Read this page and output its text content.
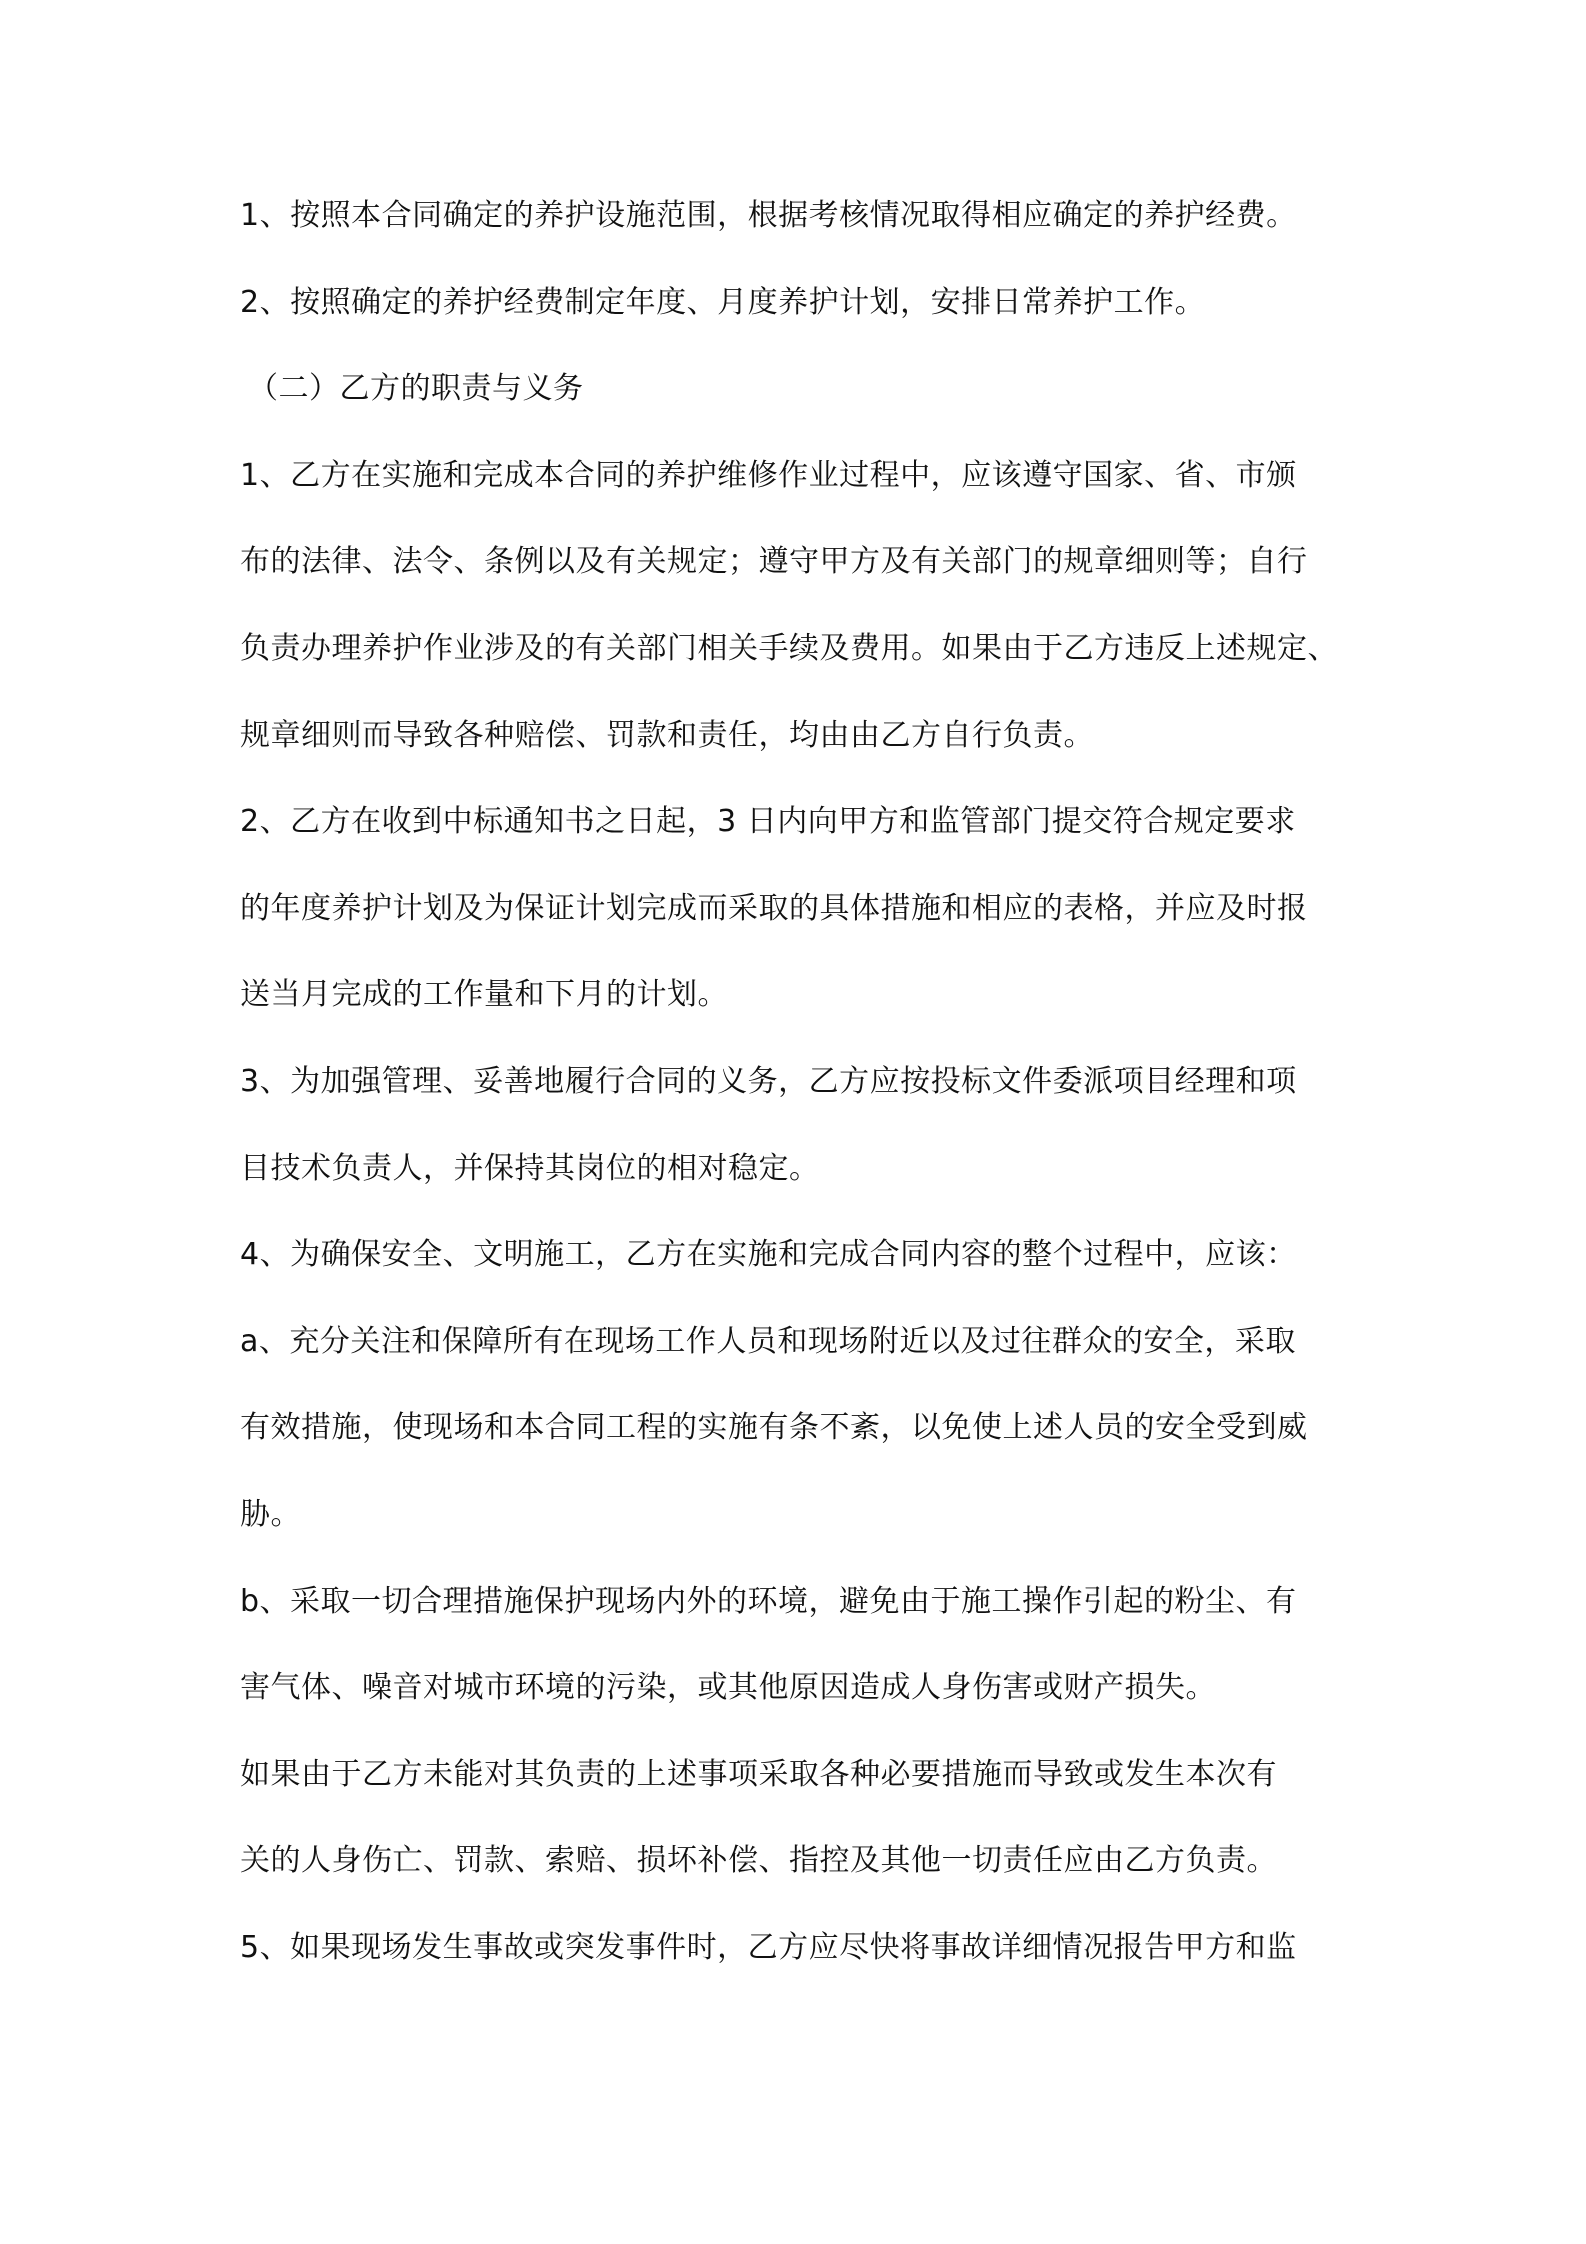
1、按照本合同确定的养护设施范围，根据考核情况取得相应确定的养护经费。
2、按照确定的养护经费制定年度、月度养护计划，安排日常养护工作。
（二）乙方的职责与义务
1、乙方在实施和完成本合同的养护维修作业过程中，应该遵守国家、省、市颁
布的法律、法令、条例以及有关规定；遵守甲方及有关部门的规章细则等；自行
负责办理养护作业涉及的有关部门相关手续及费用。如果由于乙方违反上述规定、
规章细则而导致各种赔偿、罚款和责任，均由由乙方自行负责。
2、乙方在收到中标通知书之日起，3 日内向甲方和监管部门提交符合规定要求
的年度养护计划及为保证计划完成而采取的具体措施和相应的表格，并应及时报
送当月完成的工作量和下月的计划。
3、为加强管理、妥善地履行合同的义务，乙方应按投标文件委派项目经理和项
目技术负责人，并保持其岗位的相对稳定。
4、为确保安全、文明施工，乙方在实施和完成合同内容的整个过程中，应该：
a、充分关注和保障所有在现场工作人员和现场附近以及过往群众的安全，采取
有效措施，使现场和本合同工程的实施有条不紊，以免使上述人员的安全受到威
胁。
b、采取一切合理措施保护现场内外的环境，避免由于施工操作引起的粉尘、有
害气体、噪音对城市环境的污染，或其他原因造成人身伤害或财产损失。
如果由于乙方未能对其负责的上述事项采取各种必要措施而导致或发生本次有
关的人身伤亡、罚款、索赔、损坏补偿、指控及其他一切责任应由乙方负责。
5、如果现场发生事故或突发事件时，乙方应尽快将事故详细情况报告甲方和监
